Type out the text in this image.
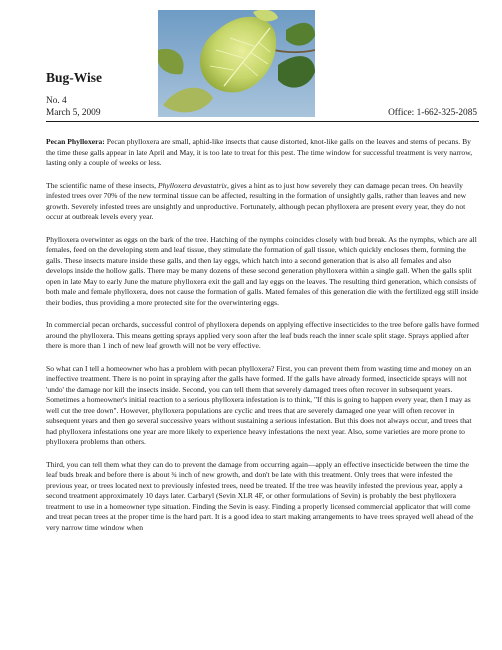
Bug-Wise
No. 4
March 5, 2009	Office: 1-662-325-2085

Pecan Phylloxera: Pecan phylloxera are small, aphid-like insects that cause distorted, knot-like galls on the leaves and stems of pecans. By the time these galls appear in late April and May, it is too late to treat for this pest. The time window for successful treatment is very narrow, lasting only a couple of weeks or less.

The scientific name of these insects, Phylloxera devastatrix, gives a hint as to just how severely they can damage pecan trees. On heavily infested trees over 70% of the new terminal tissue can be affected, resulting in the formation of unsightly galls, rather than leaves and new growth. Severely infested trees are unsightly and unproductive. Fortunately, although pecan phylloxera are present every year, they do not occur at outbreak levels every year.

Phylloxera overwinter as eggs on the bark of the tree. Hatching of the nymphs coincides closely with bud break. As the nymphs, which are all females, feed on the developing stem and leaf tissue, they stimulate the formation of gall tissue, which quickly encloses them, forming the galls. These insects mature inside these galls, and then lay eggs, which hatch into a second generation that is also all females and also develops inside the hollow galls. There may be many dozens of these second generation phylloxera within a single gall. When the galls split open in late May to early June the mature phylloxera exit the gall and lay eggs on the leaves. The resulting third generation, which consists of both male and female phylloxera, does not cause the formation of galls. Mated females of this generation die with the fertilized egg still inside their bodies, thus providing a more protected site for the overwintering eggs.

In commercial pecan orchards, successful control of phylloxera depends on applying effective insecticides to the tree before galls have formed around the phylloxera. This means getting sprays applied very soon after the leaf buds reach the inner scale split stage. Sprays applied after there is more than 1 inch of new leaf growth will not be very effective.

So what can I tell a homeowner who has a problem with pecan phylloxera? First, you can prevent them from wasting time and money on an ineffective treatment. There is no point in spraying after the galls have formed. If the galls have already formed, insecticide sprays will not 'undo' the damage nor kill the insects inside. Second, you can tell them that severely damaged trees often recover in subsequent years. Sometimes a homeowner's initial reaction to a serious phylloxera infestation is to think, "If this is going to happen every year, then I may as well cut the tree down". However, phylloxera populations are cyclic and trees that are severely damaged one year will often recover in subsequent years and then go several successive years without sustaining a serious infestation. But this does not always occur, and trees that had phylloxera infestations one year are more likely to experience heavy infestations the next year. Also, some varieties are more prone to phylloxera problems than others.

Third, you can tell them what they can do to prevent the damage from occurring again—apply an effective insecticide between the time the leaf buds break and before there is about ¾ inch of new growth, and don't be late with this treatment. Only trees that were infested the previous year, or trees located next to previously infested trees, need be treated. If the tree was heavily infested the previous year, apply a second treatment approximately 10 days later. Carbaryl (Sevin XLR 4F, or other formulations of Sevin) is probably the best phylloxera treatment to use in a homeowner type situation. Finding the Sevin is easy. Finding a properly licensed commercial applicator that will come and treat pecan trees at the proper time is the hard part. It is a good idea to start making arrangements to have trees sprayed well ahead of the very narrow time window when
